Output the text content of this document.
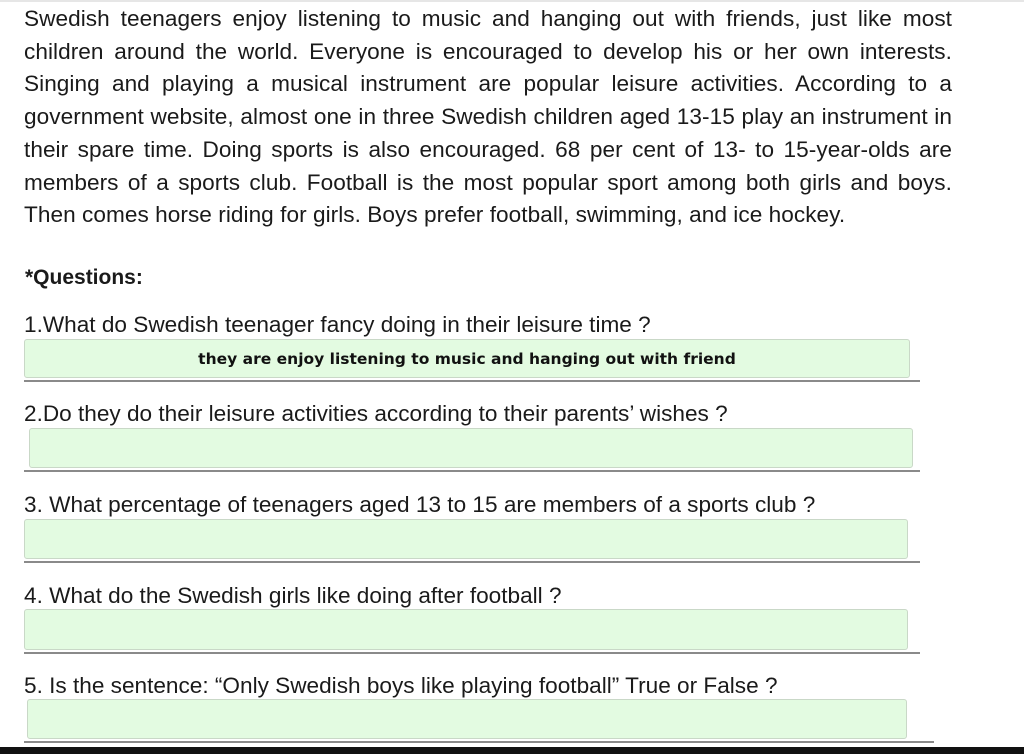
Swedish teenagers enjoy listening to music and hanging out with friends, just like most children around the world. Everyone is encouraged to develop his or her own interests. Singing and playing a musical instrument are popular leisure activities. According to a government website, almost one in three Swedish children aged 13-15 play an instrument in their spare time. Doing sports is also encouraged. 68 per cent of 13- to 15-year-olds are members of a sports club. Football is the most popular sport among both girls and boys. Then comes horse riding for girls. Boys prefer football, swimming, and ice hockey.
*Questions:
1.What do Swedish teenager fancy doing in their leisure time ?
they are enjoy listening to music and hanging out with friend
2.Do they do their leisure activities according to their parents’ wishes ?
3. What percentage of teenagers aged 13 to 15 are members of a sports club ?
4. What do the Swedish girls like doing after football ?
5. Is the sentence: “Only Swedish boys like playing football” True or False ?
